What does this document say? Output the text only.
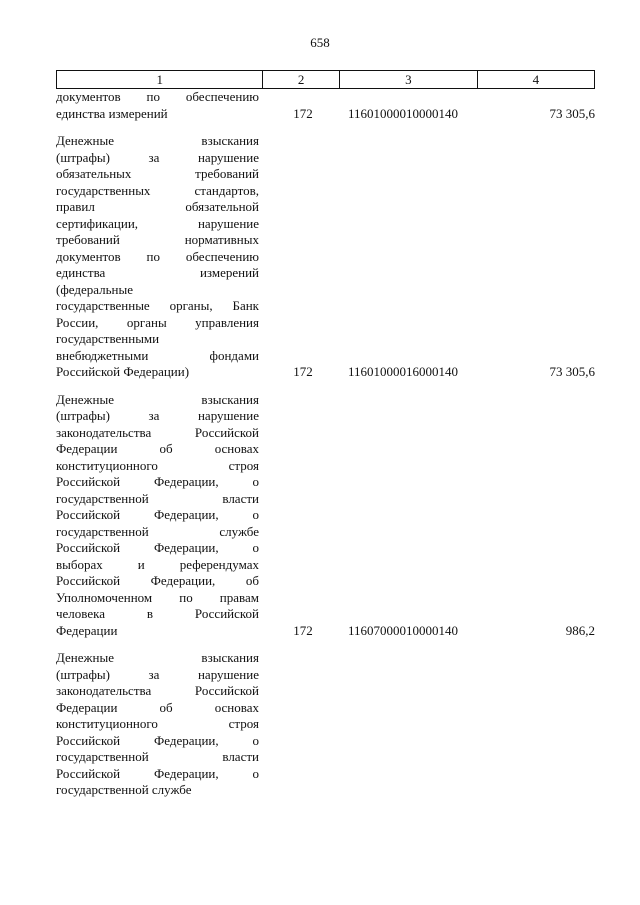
658
1	2	3	4
документов по обеспечению
единства измерений	172	11601000010000140	73 305,6
Денежные взыскания
(штрафы) за нарушение
обязательных требований
государственных стандартов,
правил обязательной
сертификации, нарушение
требований нормативных
документов по обеспечению
единства измерений
(федеральные
государственные органы, Банк
России, органы управления
государственными
внебюджетными фондами
Российской Федерации)	172	11601000016000140	73 305,6
Денежные взыскания
(штрафы) за нарушение
законодательства Российской
Федерации об основах
конституционного строя
Российской Федерации, о
государственной власти
Российской Федерации, о
государственной службе
Российской Федерации, о
выборах и референдумах
Российской Федерации, об
Уполномоченном по правам
человека в Российской
Федерации	172	11607000010000140	986,2
Денежные взыскания
(штрафы) за нарушение
законодательства Российской
Федерации об основах
конституционного строя
Российской Федерации, о
государственной власти
Российской Федерации, о
государственной службе
